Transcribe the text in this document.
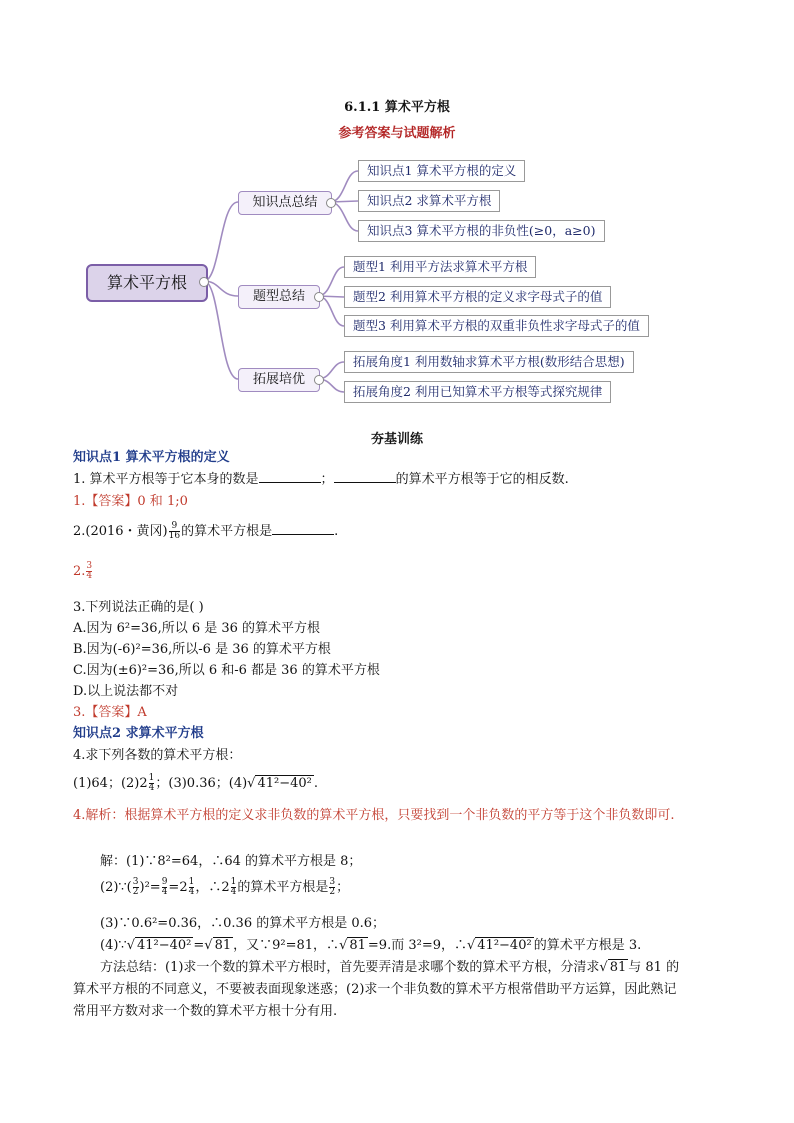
6.1.1 算术平方根
参考答案与试题解析
算术平方根
知识点总结
题型总结
拓展培优
知识点1 算术平方根的定义
知识点2 求算术平方根
知识点3 算术平方根的非负性(≥0，a≥0)
题型1 利用平方法求算术平方根
题型2 利用算术平方根的定义求字母式子的值
题型3 利用算术平方根的双重非负性求字母式子的值
拓展角度1 利用数轴求算术平方根(数形结合思想)
拓展角度2 利用已知算术平方根等式探究规律
夯基训练
知识点1 算术平方根的定义
1. 算术平方根等于它本身的数是	；	的算术平方根等于它的相反数.
1.【答案】0 和 1;0
2.(2016・黄冈) $\frac{9}{16}$ 的算术平方根是	.
2. $\frac{3}{4}$
3.下列说法正确的是( )
A.因为 6²=36,所以 6 是 36 的算术平方根
B.因为(-6)²=36,所以-6 是 36 的算术平方根
C.因为(±6)²=36,所以 6 和-6 都是 36 的算术平方根
D.以上说法都不对
3.【答案】A
知识点2 求算术平方根
4.求下列各数的算术平方根：
(1)64；$(2)2 \frac{1}{4}$ ；(3)0.36；(4)√ 41²−40² .
4.解析：根据算术平方根的定义求非负数的算术平方根，只要找到一个非负数的平方等于这个非负数即可.
解：(1)∵8²=64，∴64 的算术平方根是 8；
(2)∵( $\frac{3}{2} )^2= \frac{9}{4} =2 \frac{1}{4}$ ，∴2 $\frac{1}{4}$ 的算术平方根是 $\frac{3}{2}$ ；
(3)∵0.6²=0.36，∴0.36 的算术平方根是 0.6；
(4)∵√ 41²−40² =√ 81 ，又∵9²=81，∴√ 81 =9.而 3²=9，∴√ 41²−40² 的算术平方根是 3.
方法总结：(1)求一个数的算术平方根时，首先要弄清是求哪个数的算术平方根，分清求√ 81 与 81 的
算术平方根的不同意义，不要被表面现象迷惑；(2)求一个非负数的算术平方根常借助平方运算，因此熟记
常用平方数对求一个数的算术平方根十分有用.
